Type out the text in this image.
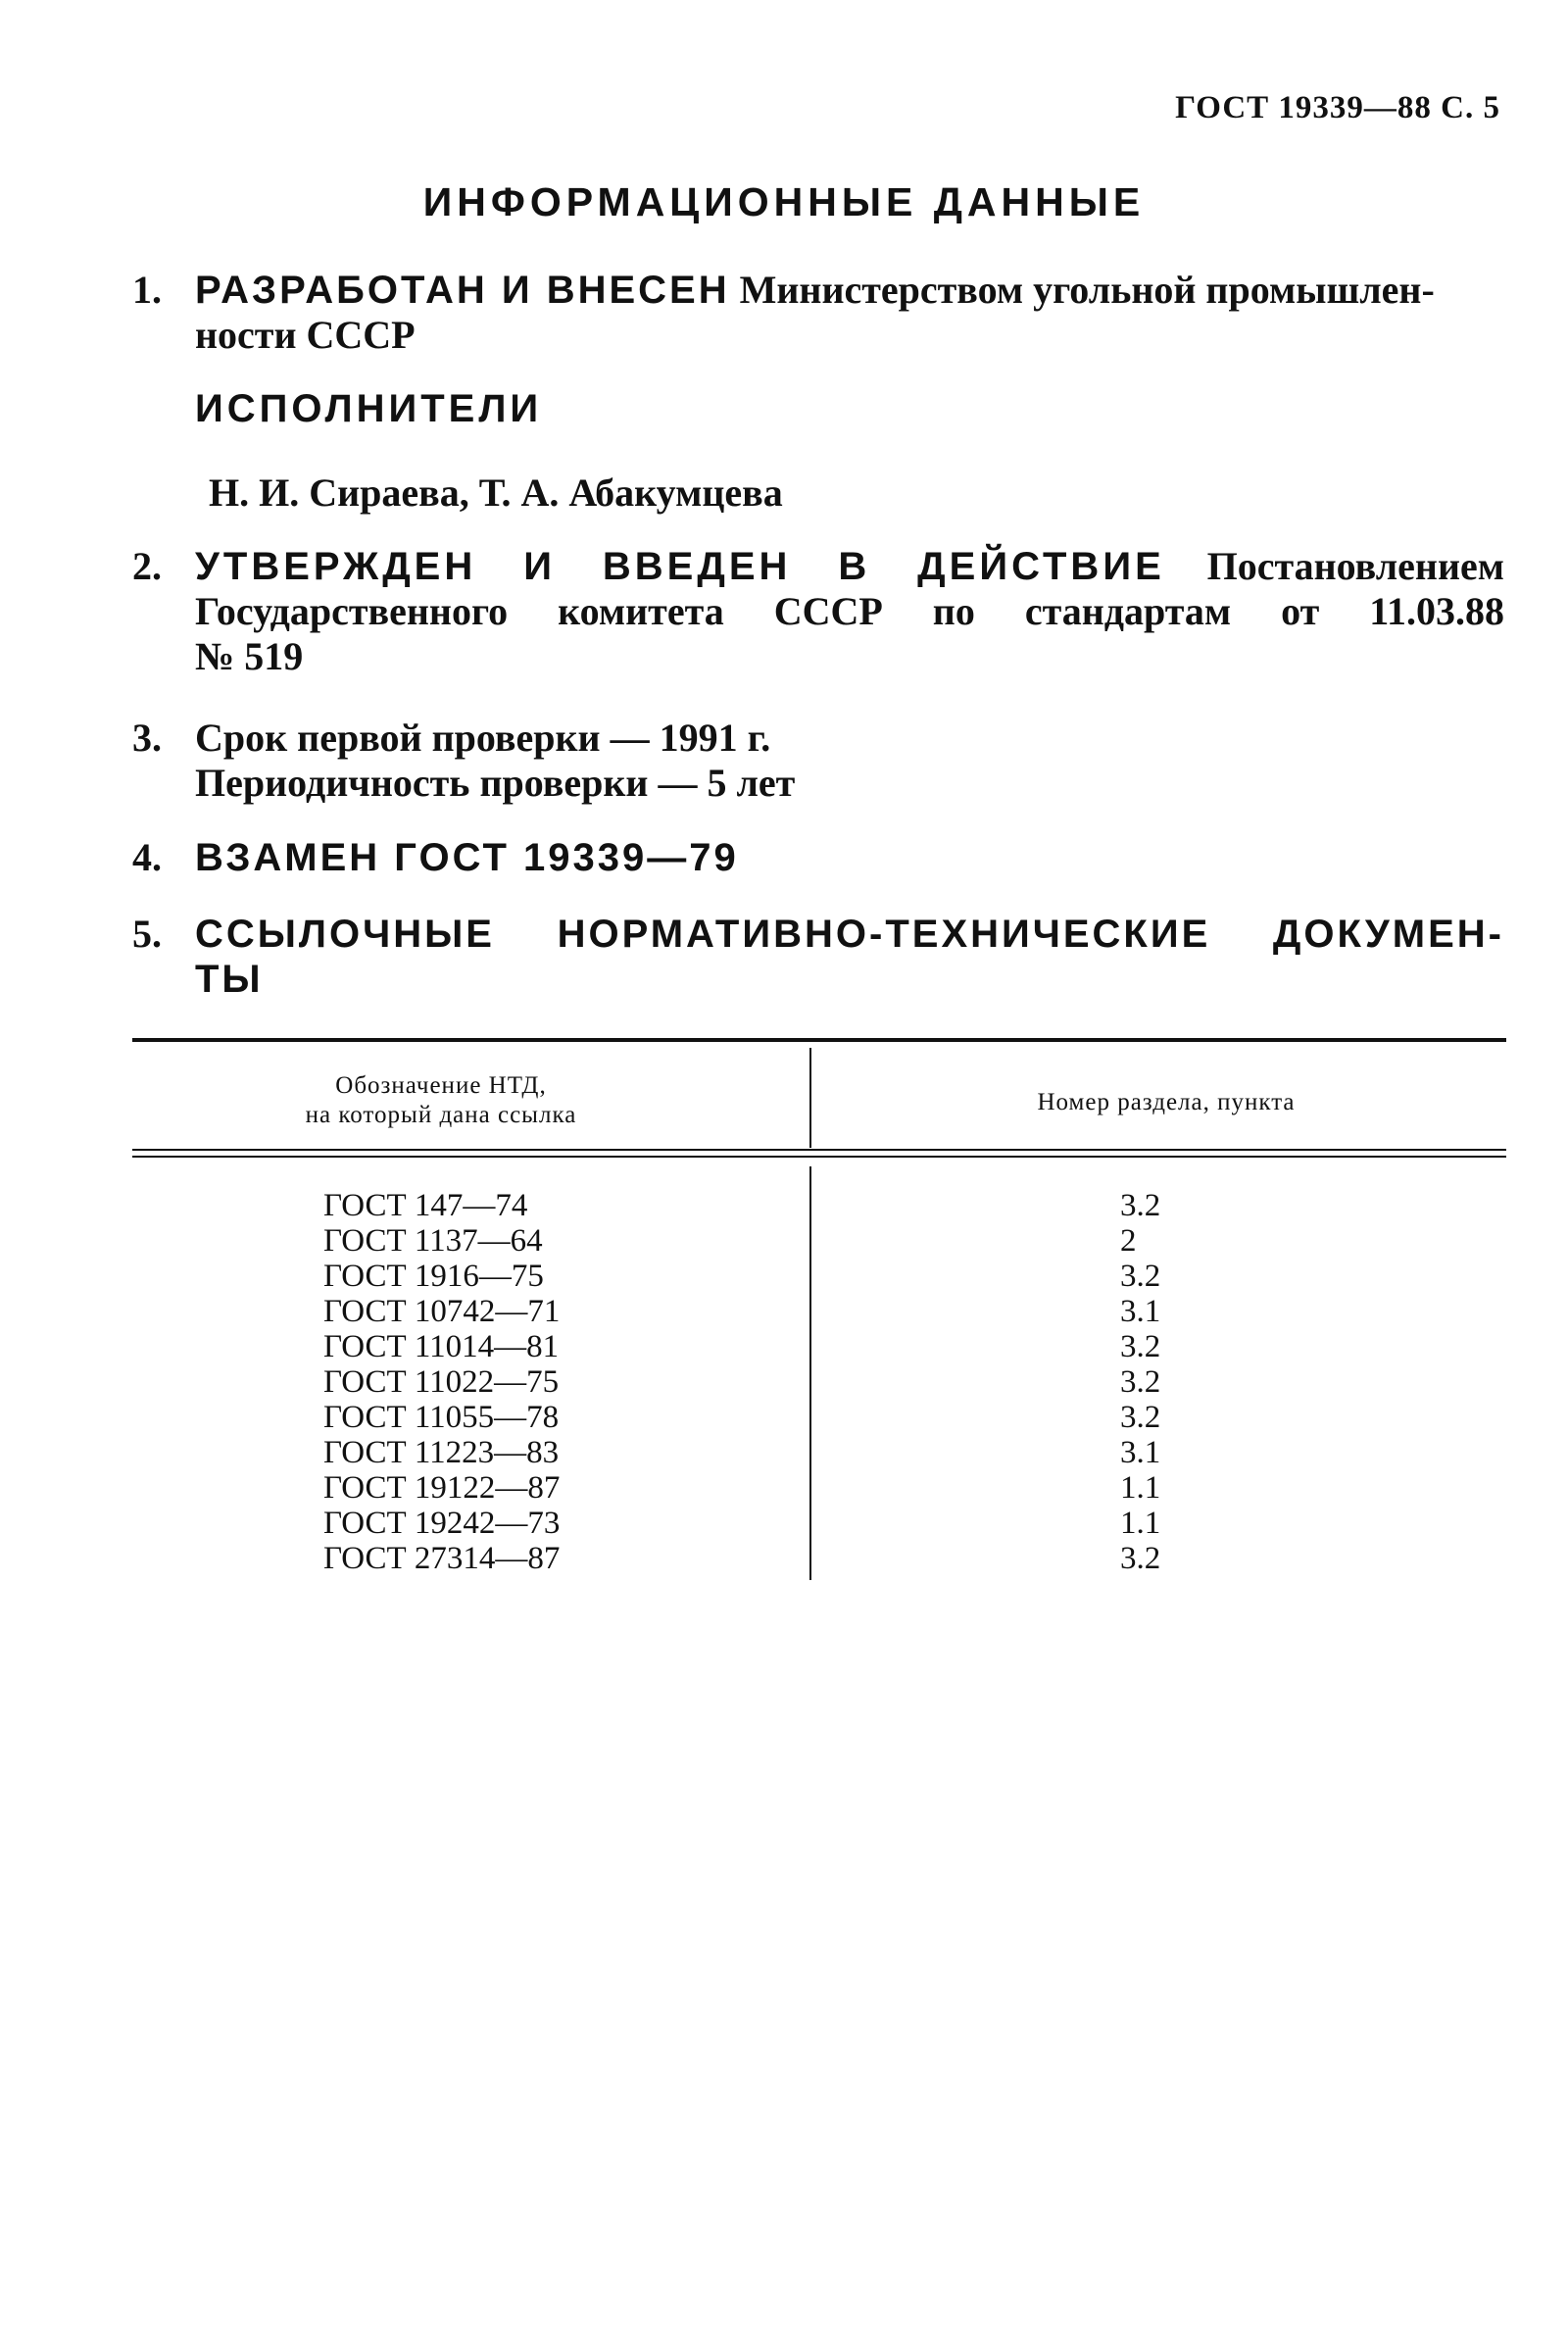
ГОСТ 19339—88 С. 5
ИНФОРМАЦИОННЫЕ ДАННЫЕ
1. РАЗРАБОТАН И ВНЕСЕН Министерством угольной промышлен-
ности СССР
ИСПОЛНИТЕЛИ
Н. И. Сираева, Т. А. Абакумцева
2. УТВЕРЖДЕН И ВВЕДЕН В ДЕЙСТВИЕ Постановлением
Государственного комитета СССР по стандартам от 11.03.88
№ 519
3. Срок первой проверки — 1991 г.
Периодичность проверки — 5 лет
4. ВЗАМЕН ГОСТ 19339—79
5. ССЫЛОЧНЫЕ НОРМАТИВНО-ТЕХНИЧЕСКИЕ ДОКУМЕН-
ТЫ
Обозначение НТД,
на который дана ссылка	Номер раздела, пункта
ГОСТ 147—74	3.2
ГОСТ 1137—64	2
ГОСТ 1916—75	3.2
ГОСТ 10742—71	3.1
ГОСТ 11014—81	3.2
ГОСТ 11022—75	3.2
ГОСТ 11055—78	3.2
ГОСТ 11223—83	3.1
ГОСТ 19122—87	1.1
ГОСТ 19242—73	1.1
ГОСТ 27314—87	3.2
